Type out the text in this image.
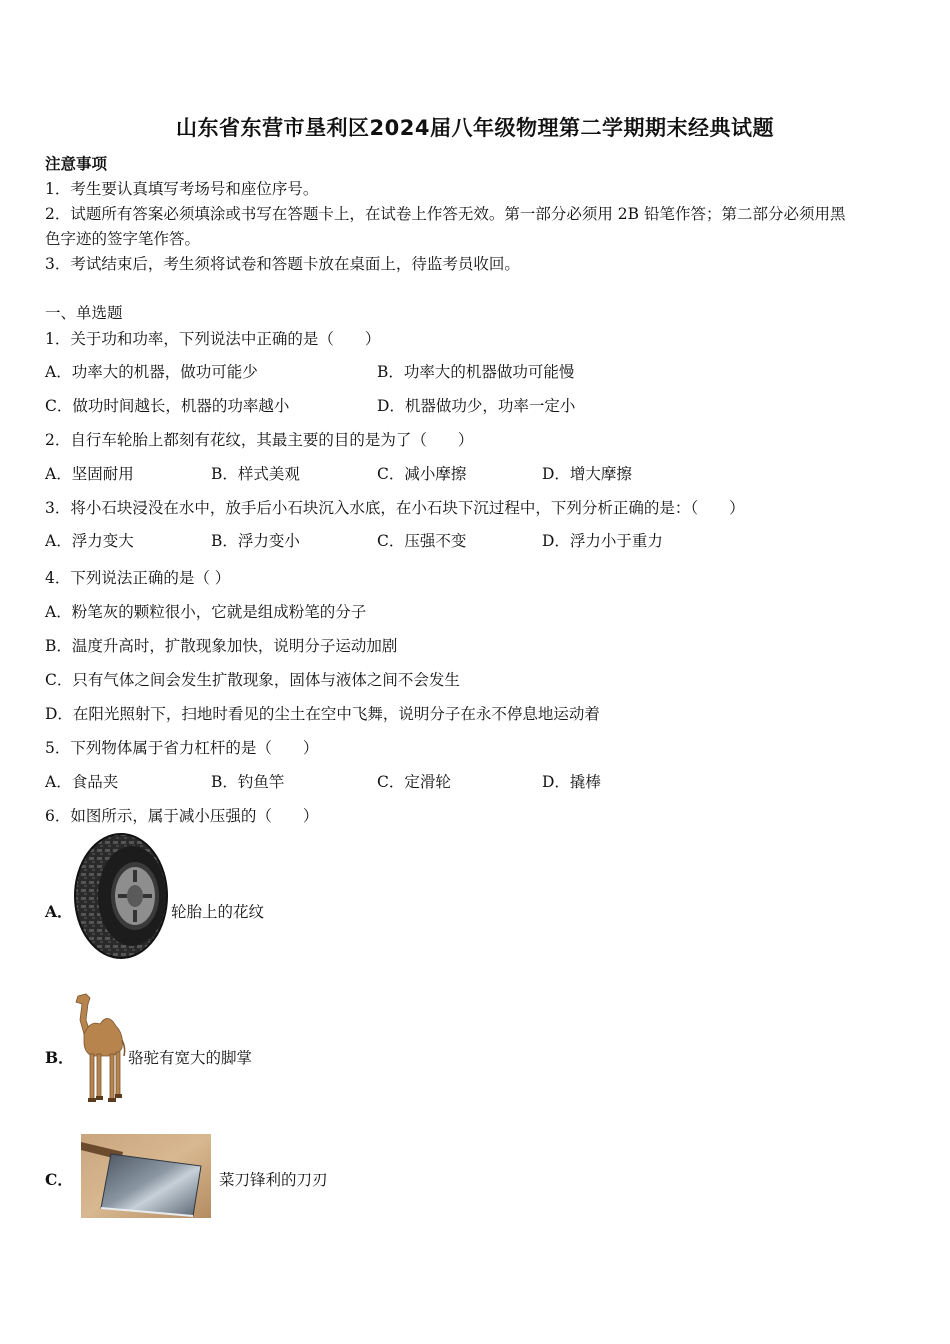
山东省东营市垦利区2024届八年级物理第二学期期末经典试题
注意事项
1．考生要认真填写考场号和座位序号。
2．试题所有答案必须填涂或书写在答题卡上，在试卷上作答无效。第一部分必须用 2B 铅笔作答；第二部分必须用黑
色字迹的签字笔作答。
3．考试结束后，考生须将试卷和答题卡放在桌面上，待监考员收回。
一、单选题
1．关于功和功率，下列说法中正确的是（　　）
A．功率大的机器，做功可能少	B．功率大的机器做功可能慢
C．做功时间越长，机器的功率越小	D．机器做功少，功率一定小
2．自行车轮胎上都刻有花纹，其最主要的目的是为了（　　）
A．坚固耐用	B．样式美观	C．减小摩擦	D．增大摩擦
3．将小石块浸没在水中，放手后小石块沉入水底，在小石块下沉过程中，下列分析正确的是：（　　）
A．浮力变大	B．浮力变小	C．压强不变	D．浮力小于重力
4．下列说法正确的是（ ）
A．粉笔灰的颗粒很小，它就是组成粉笔的分子
B．温度升高时，扩散现象加快，说明分子运动加剧
C．只有气体之间会发生扩散现象，固体与液体之间不会发生
D．在阳光照射下，扫地时看见的尘土在空中飞舞，说明分子在永不停息地运动着
5．下列物体属于省力杠杆的是（　　）
A．食品夹	B．钓鱼竿	C．定滑轮	D．撬棒
6．如图所示，属于减小压强的（　　）
A．	轮胎上的花纹
B．	骆驼有宽大的脚掌
C．	菜刀锋利的刀刃
